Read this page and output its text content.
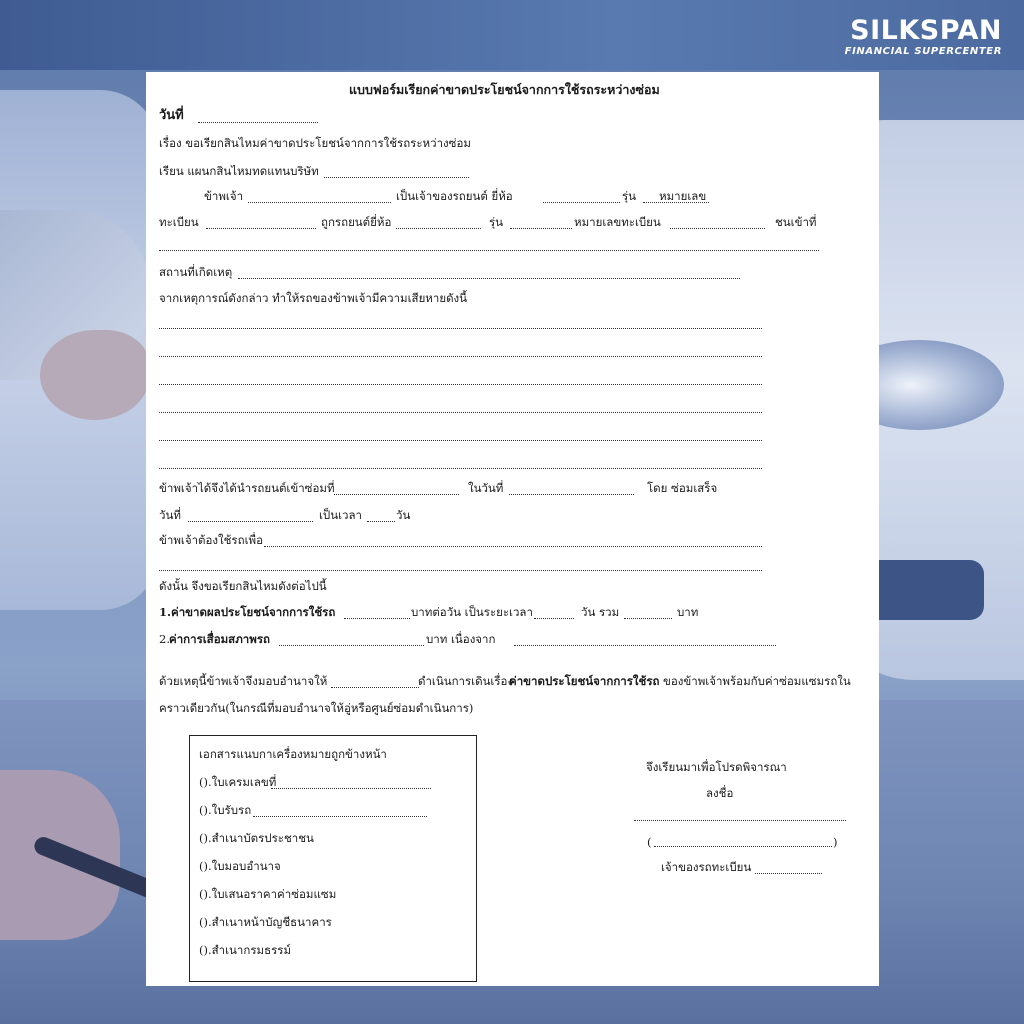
SILKSPAN
FINANCIAL SUPERCENTER
แบบฟอร์มเรียกค่าขาดประโยชน์จากการใช้รถระหว่างซ่อม
วันที่
เรื่อง ขอเรียกสินไหมค่าขาดประโยชน์จากการใช้รถระหว่างซ่อม
เรียน แผนกสินไหมทดแทนบริษัท
ข้าพเจ้า	เป็นเจ้าของรถยนต์ ยี่ห้อ	รุ่น หมายเลข
ทะเบียน	ถูกรถยนต์ยี่ห้อ	รุ่น	หมายเลขทะเบียน	ชนเข้าที่
สถานที่เกิดเหตุ
จากเหตุการณ์ดังกล่าว ทำให้รถของข้าพเจ้ามีความเสียหายดังนี้
ข้าพเจ้าได้จึงได้นำรถยนต์เข้าซ่อมที่	ในวันที่	โดย ซ่อมเสร็จ
วันที่	เป็นเวลา	วัน
ข้าพเจ้าต้องใช้รถเพื่อ
ดังนั้น จึงขอเรียกสินไหมดังต่อไปนี้
1.ค่าขาดผลประโยชน์จากการใช้รถ	บาทต่อวัน เป็นระยะเวลา	วัน รวม	บาท
2. ค่าการเสื่อมสภาพรถ	บาท เนื่องจาก
ด้วยเหตุนี้ข้าพเจ้าจึงมอบอำนาจให้	ดำเนินการเดินเรื่อง
ค่าขาดประโยชน์จากการใช้รถ ของข้าพเจ้าพร้อมกับค่าซ่อมแซมรถใน
คราวเดียวกัน(ในกรณีที่มอบอำนาจให้อู่หรือศูนย์ซ่อมดำเนินการ)
เอกสารแนบกาเครื่องหมายถูกข้างหน้า
().ใบเครมเลขที่
().ใบรับรถ
().สำเนาบัตรประชาชน
().ใบมอบอำนาจ
().ใบเสนอราคาค่าซ่อมแซม
().สำเนาหน้าบัญชีธนาคาร
().สำเนากรมธรรม์
จึงเรียนมาเพื่อโปรดพิจารณา
ลงชื่อ
(	)
เจ้าของรถทะเบียน
